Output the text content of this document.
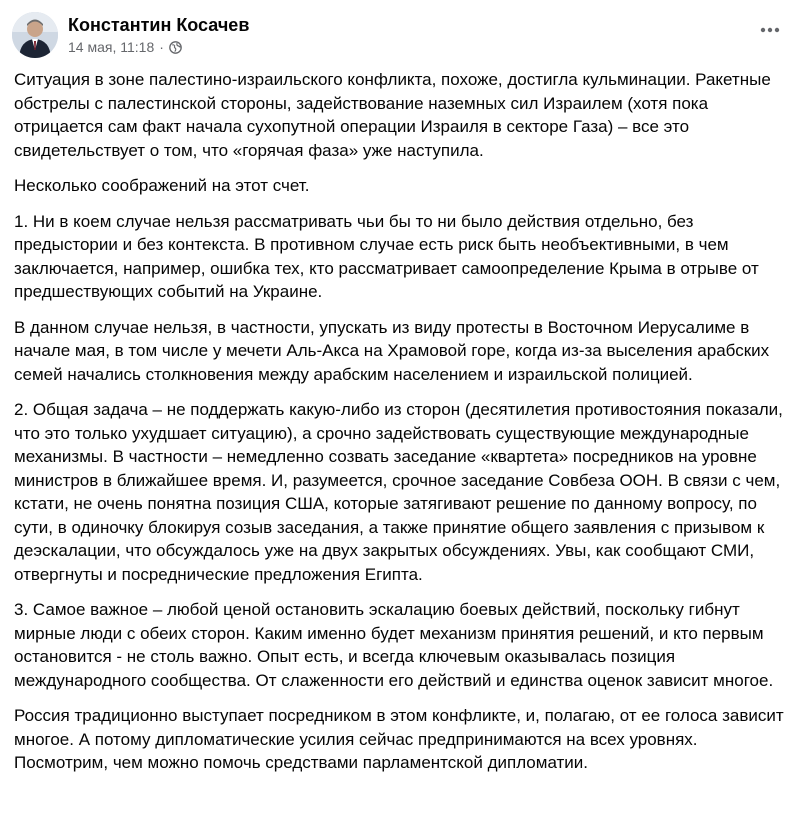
Константин Косачев
14 мая, 11:18 ·

Ситуация в зоне палестино-израильского конфликта, похоже, достигла кульминации. Ракетные обстрелы с палестинской стороны, задействование наземных сил Израилем (хотя пока отрицается сам факт начала сухопутной операции Израиля в секторе Газа) – все это свидетельствует о том, что «горячая фаза» уже наступила.

Несколько соображений на этот счет.

1. Ни в коем случае нельзя рассматривать чьи бы то ни было действия отдельно, без предыстории и без контекста. В противном случае есть риск быть необъективными, в чем заключается, например, ошибка тех, кто рассматривает самоопределение Крыма в отрыве от предшествующих событий на Украине.

В данном случае нельзя, в частности, упускать из виду протесты в Восточном Иерусалиме в начале мая, в том числе у мечети Аль-Акса на Храмовой горе, когда из-за выселения арабских семей начались столкновения между арабским населением и израильской полицией.

2. Общая задача – не поддержать какую-либо из сторон (десятилетия противостояния показали, что это только ухудшает ситуацию), а срочно задействовать существующие международные механизмы. В частности – немедленно созвать заседание «квартета» посредников на уровне министров в ближайшее время. И, разумеется, срочное заседание Совбеза ООН. В связи с чем, кстати, не очень понятна позиция США, которые затягивают решение по данному вопросу, по сути, в одиночку блокируя созыв заседания, а также принятие общего заявления с призывом к деэскалации, что обсуждалось уже на двух закрытых обсуждениях. Увы, как сообщают СМИ, отвергнуты и посреднические предложения Египта.

3. Самое важное – любой ценой остановить эскалацию боевых действий, поскольку гибнут мирные люди с обеих сторон. Каким именно будет механизм принятия решений, и кто первым остановится - не столь важно. Опыт есть, и всегда ключевым оказывалась позиция международного сообщества. От слаженности его действий и единства оценок зависит многое.

Россия традиционно выступает посредником в этом конфликте, и, полагаю, от ее голоса зависит многое. А потому дипломатические усилия сейчас предпринимаются на всех уровнях. Посмотрим, чем можно помочь средствами парламентской дипломатии.
